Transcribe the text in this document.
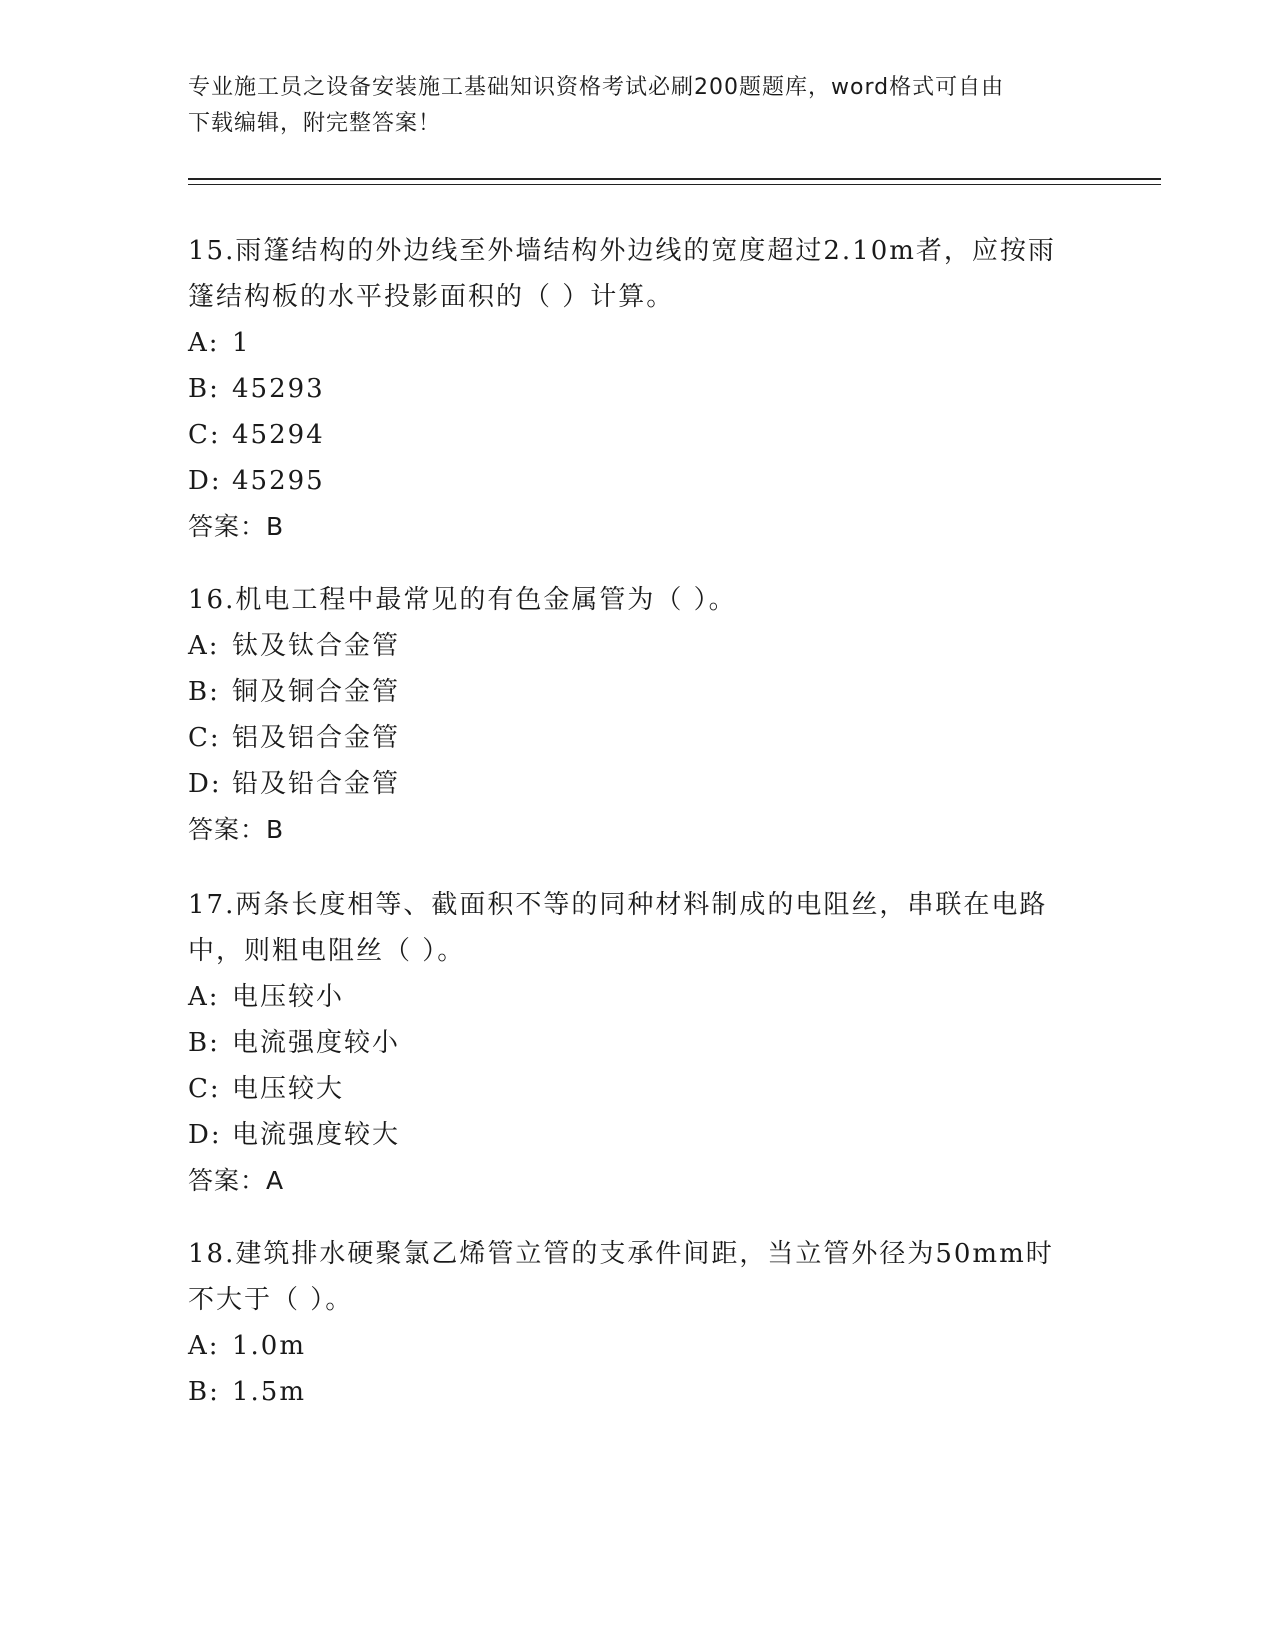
专业施工员之设备安装施工基础知识资格考试必刷200题题库，word格式可自由
下载编辑，附完整答案！
15.雨篷结构的外边线至外墙结构外边线的宽度超过2.10m者，应按雨
篷结构板的水平投影面积的（ ）计算。
A: 1
B: 45293
C: 45294
D: 45295
答案：B
16.机电工程中最常见的有色金属管为（ ）。
A: 钛及钛合金管
B: 铜及铜合金管
C: 铝及铝合金管
D: 铅及铅合金管
答案：B
17.两条长度相等、截面积不等的同种材料制成的电阻丝，串联在电路
中，则粗电阻丝（ ）。
A: 电压较小
B: 电流强度较小
C: 电压较大
D: 电流强度较大
答案：A
18.建筑排水硬聚氯乙烯管立管的支承件间距，当立管外径为50mm时
不大于（ ）。
A: 1.0m
B: 1.5m
